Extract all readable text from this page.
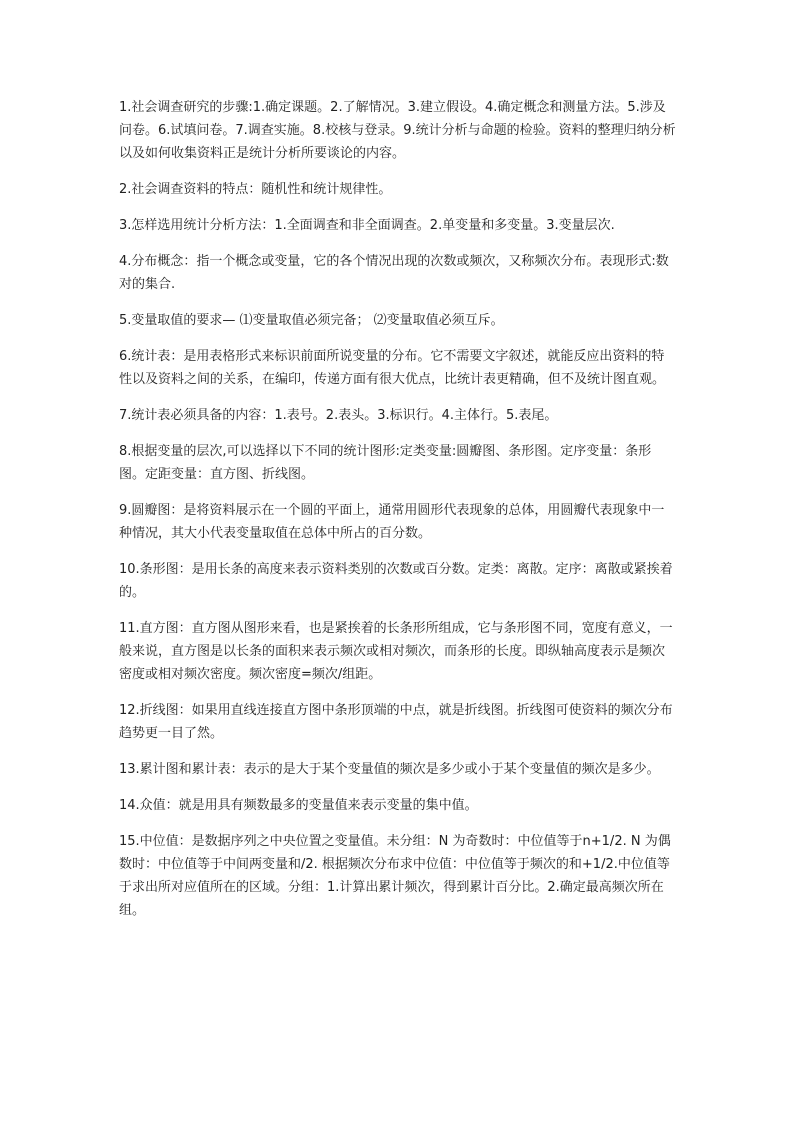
1.社会调查研究的步骤:1.确定课题。2.了解情况。3.建立假设。4.确定概念和测量方法。5.涉及问卷。6.试填问卷。7.调查实施。8.校核与登录。9.统计分析与命题的检验。资料的整理归纳分析以及如何收集资料正是统计分析所要谈论的内容。

2.社会调查资料的特点：随机性和统计规律性。

3.怎样选用统计分析方法：1.全面调查和非全面调查。2.单变量和多变量。3.变量层次.

4.分布概念：指一个概念或变量，它的各个情况出现的次数或频次，又称频次分布。表现形式:数对的集合.

5.变量取值的要求— ⑴变量取值必须完备； ⑵变量取值必须互斥。

6.统计表：是用表格形式来标识前面所说变量的分布。它不需要文字叙述，就能反应出资料的特性以及资料之间的关系，在编印，传递方面有很大优点，比统计表更精确，但不及统计图直观。

7.统计表必须具备的内容：1.表号。2.表头。3.标识行。4.主体行。5.表尾。

8.根据变量的层次,可以选择以下不同的统计图形:定类变量:圆瓣图、条形图。定序变量：条形图。定距变量：直方图、折线图。

9.圆瓣图：是将资料展示在一个圆的平面上，通常用圆形代表现象的总体，用圆瓣代表现象中一种情况，其大小代表变量取值在总体中所占的百分数。

10.条形图：是用长条的高度来表示资料类别的次数或百分数。定类：离散。定序：离散或紧挨着的。

11.直方图：直方图从图形来看，也是紧挨着的长条形所组成，它与条形图不同，宽度有意义，一般来说，直方图是以长条的面积来表示频次或相对频次，而条形的长度。即纵轴高度表示是频次密度或相对频次密度。频次密度=频次/组距。

12.折线图：如果用直线连接直方图中条形顶端的中点，就是折线图。折线图可使资料的频次分布趋势更一目了然。

13.累计图和累计表：表示的是大于某个变量值的频次是多少或小于某个变量值的频次是多少。

14.众值：就是用具有频数最多的变量值来表示变量的集中值。

15.中位值：是数据序列之中央位置之变量值。未分组：N 为奇数时：中位值等于n+1/2. N 为偶数时：中位值等于中间两变量和/2. 根据频次分布求中位值：中位值等于频次的和+1/2.中位值等于求出所对应值所在的区域。分组：1.计算出累计频次，得到累计百分比。2.确定最高频次所在组。
